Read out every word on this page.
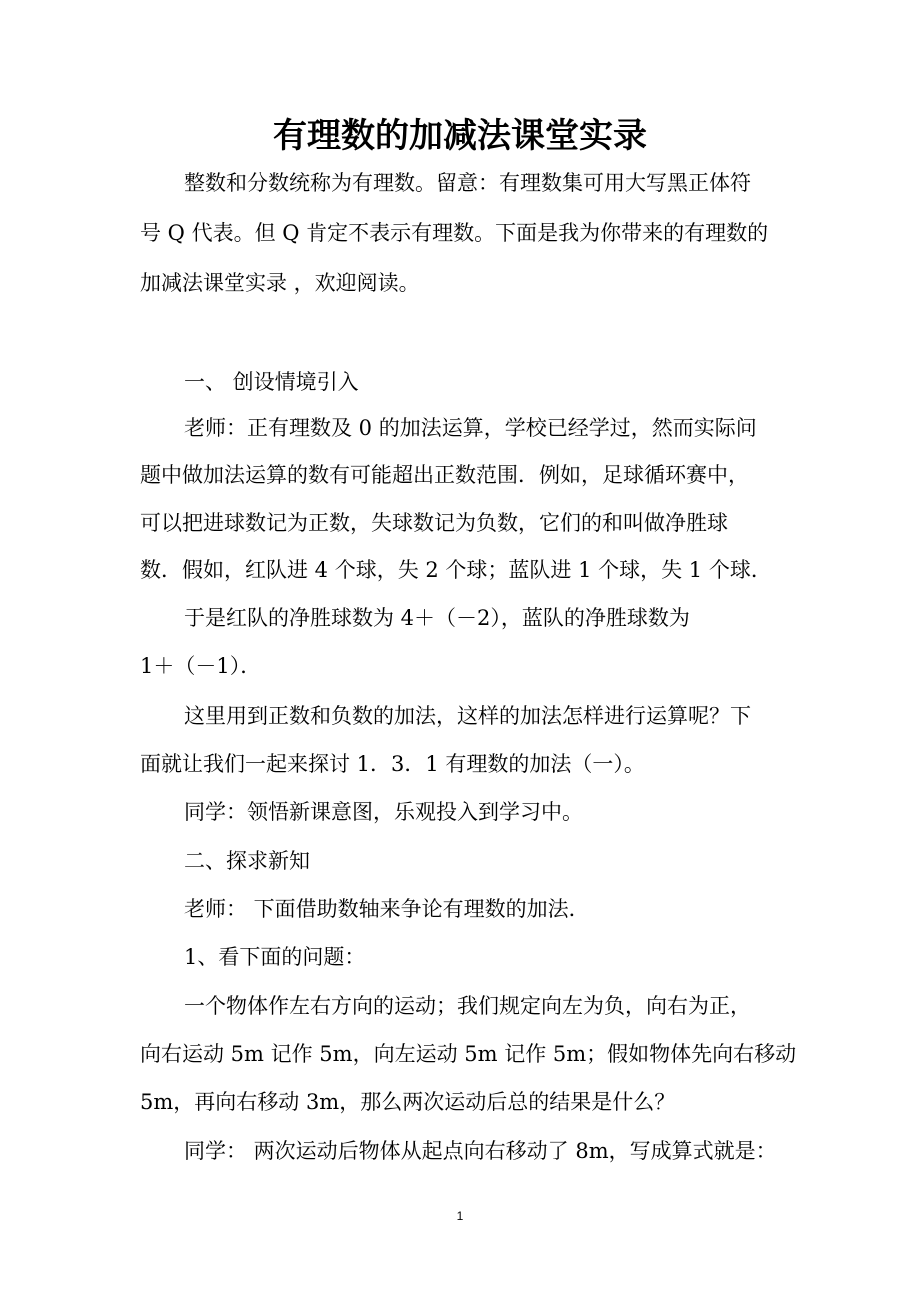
有理数的加减法课堂实录
整数和分数统称为有理数。留意：有理数集可用大写黑正体符
号 Q 代表。但 Q 肯定不表示有理数。下面是我为你带来的有理数的
加减法课堂实录 ，欢迎阅读。
一、 创设情境引入
老师：正有理数及 0 的加法运算，学校已经学过，然而实际问
题中做加法运算的数有可能超出正数范围．例如，足球循环赛中，
可以把进球数记为正数，失球数记为负数，它们的和叫做净胜球
数．假如，红队进 4 个球，失 2 个球；蓝队进 1 个球，失 1 个球．
于是红队的净胜球数为 4＋（－2），蓝队的净胜球数为
1＋（－1）．
这里用到正数和负数的加法，这样的加法怎样进行运算呢？下
面就让我们一起来探讨 1．3．1 有理数的加法（一）。
同学：领悟新课意图，乐观投入到学习中。
二、探求新知
老师： 下面借助数轴来争论有理数的加法．
1、看下面的问题：
一个物体作左右方向的运动；我们规定向左为负，向右为正，
向右运动 5m 记作 5m，向左运动 5m 记作 5m；假如物体先向右移动
5m，再向右移动 3m，那么两次运动后总的结果是什么？
同学： 两次运动后物体从起点向右移动了 8m，写成算式就是：
1
